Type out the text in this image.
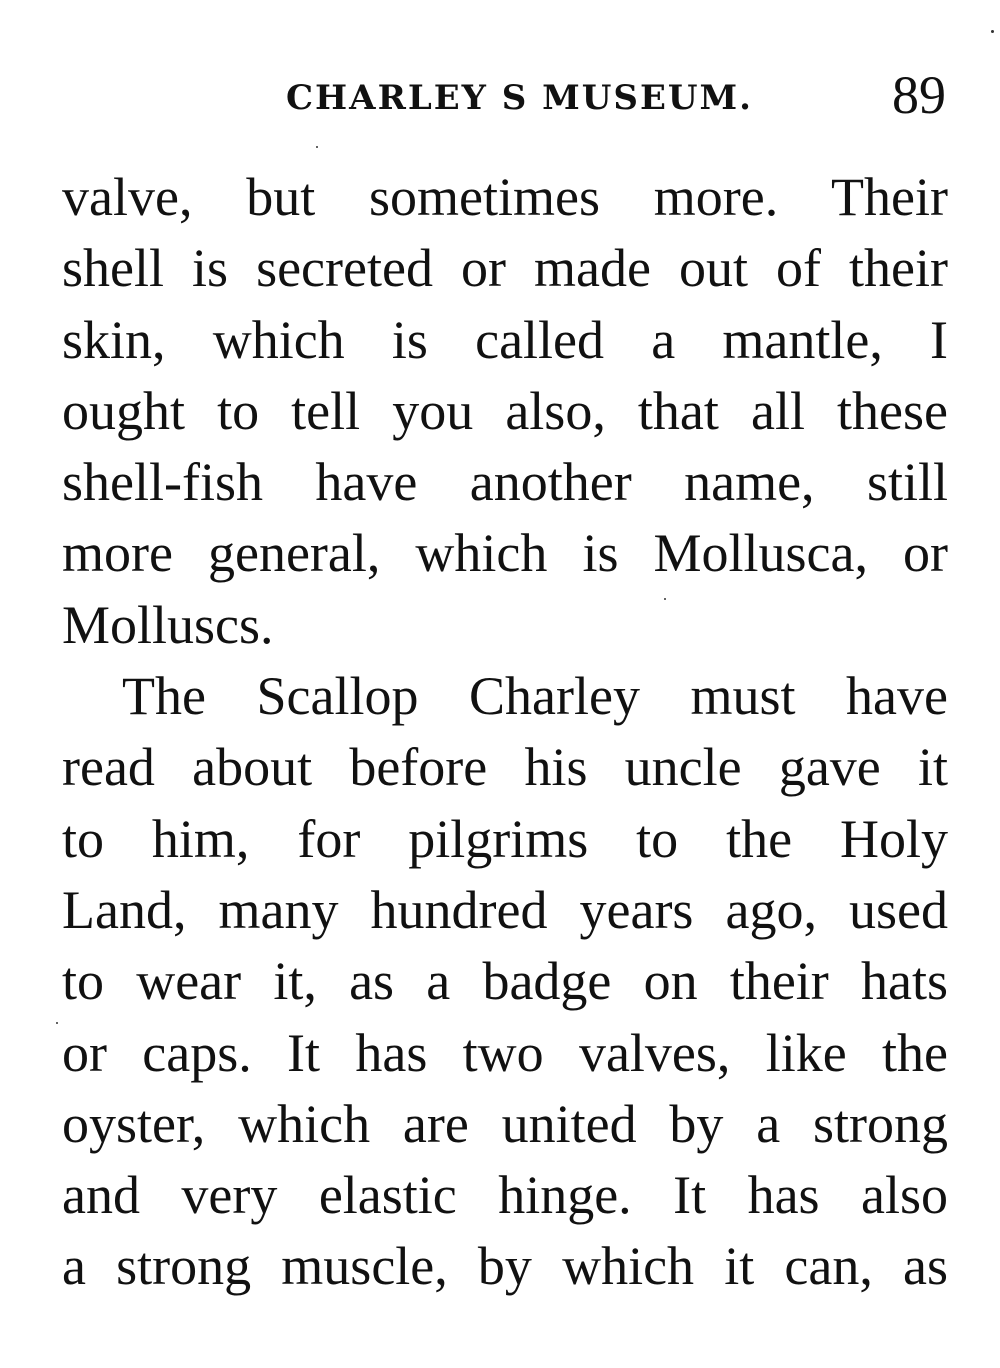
CHARLEY S MUSEUM.	89
valve, but sometimes more. Their
shell is secreted or made out of their
skin, which is called a mantle, I
ought to tell you also, that all these
shell-fish have another name, still
more general, which is Mollusca, or
Molluscs.
The Scallop Charley must have
read about before his uncle gave it
to him, for pilgrims to the Holy
Land, many hundred years ago, used
to wear it, as a badge on their hats
or caps. It has two valves, like the
oyster, which are united by a strong
and very elastic hinge. It has also
a strong muscle, by which it can, as
